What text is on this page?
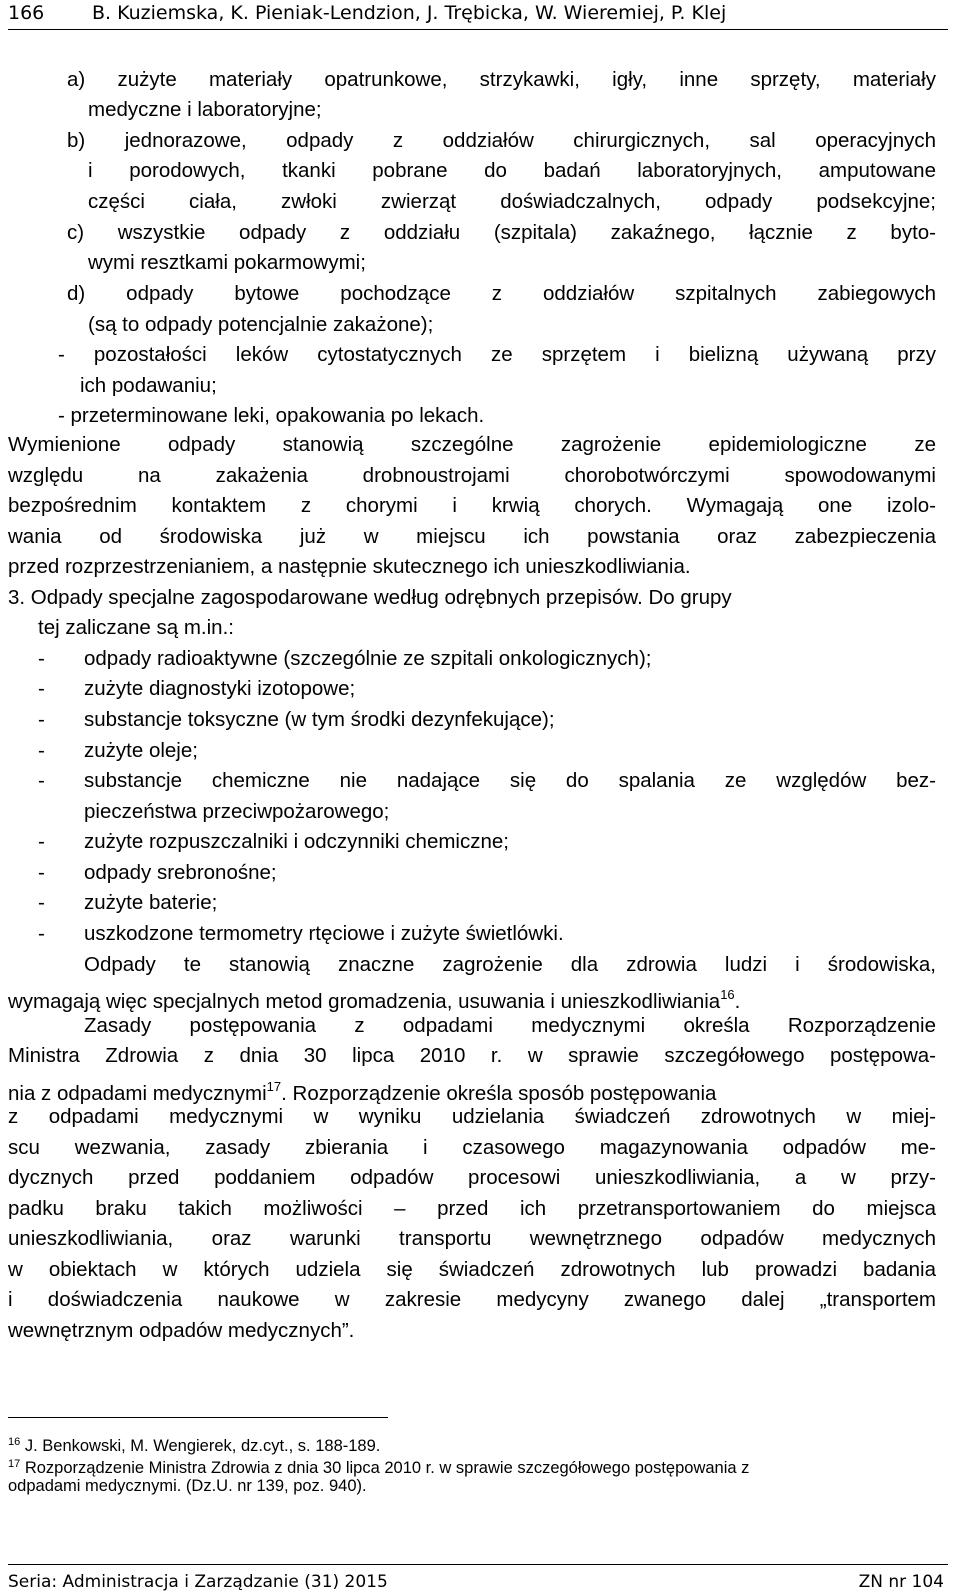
166	B. Kuziemska, K. Pieniak-Lendzion, J. Trębicka, W. Wieremiej, P. Klej

a) zużyte materiały opatrunkowe, strzykawki, igły, inne sprzęty, materiały

medyczne i laboratoryjne;

b) jednorazowe, odpady z oddziałów chirurgicznych, sal operacyjnych

i porodowych, tkanki pobrane do badań laboratoryjnych, amputowane

części ciała, zwłoki zwierząt doświadczalnych, odpady podsekcyjne;

c) wszystkie odpady z oddziału (szpitala) zakaźnego, łącznie z byto-

wymi resztkami pokarmowymi;

d) odpady bytowe pochodzące z oddziałów szpitalnych zabiegowych

(są to odpady potencjalnie zakażone);

- pozostałości leków cytostatycznych ze sprzętem i bielizną używaną przy

ich podawaniu;

- przeterminowane leki, opakowania po lekach.

Wymienione odpady stanowią szczególne zagrożenie epidemiologiczne ze

względu na zakażenia drobnoustrojami chorobotwórczymi spowodowanymi

bezpośrednim kontaktem z chorymi i krwią chorych. Wymagają one izolo-

wania od środowiska już w miejscu ich powstania oraz zabezpieczenia

przed rozprzestrzenianiem, a następnie skutecznego ich unieszkodliwiania.

3. Odpady specjalne zagospodarowane według odrębnych przepisów. Do grupy

tej zaliczane są m.in.:

- odpady radioaktywne (szczególnie ze szpitali onkologicznych);

- zużyte diagnostyki izotopowe;

- substancje toksyczne (w tym środki dezynfekujące);

- zużyte oleje;

- substancje chemiczne nie nadające się do spalania ze względów bez-

pieczeństwa przeciwpożarowego;

- zużyte rozpuszczalniki i odczynniki chemiczne;

- odpady srebronośne;

- zużyte baterie;

- uszkodzone termometry rtęciowe i zużyte świetlówki.

Odpady te stanowią znaczne zagrożenie dla zdrowia ludzi i środowiska,

wymagają więc specjalnych metod gromadzenia, usuwania i unieszkodliwiania$^{16}$.

Zasady postępowania z odpadami medycznymi określa Rozporządzenie

Ministra Zdrowia z dnia 30 lipca 2010 r. w sprawie szczegółowego postępowa-

nia z odpadami medycznymi$^{17}$. Rozporządzenie określa sposób postępowania

z odpadami medycznymi w wyniku udzielania świadczeń zdrowotnych w miej-

scu wezwania, zasady zbierania i czasowego magazynowania odpadów me-

dycznych przed poddaniem odpadów procesowi unieszkodliwiania, a w przy-

padku braku takich możliwości – przed ich przetransportowaniem do miejsca

unieszkodliwiania, oraz warunki transportu wewnętrznego odpadów medycznych

w obiektach w których udziela się świadczeń zdrowotnych lub prowadzi badania

i doświadczenia naukowe w zakresie medycyny zwanego dalej „transportem

wewnętrznym odpadów medycznych”.

$^{16}$ J. Benkowski, M. Wengierek, dz.cyt., s. 188-189.
$^{17}$ Rozporządzenie Ministra Zdrowia z dnia 30 lipca 2010 r. w sprawie szczegółowego postępowania z
odpadami medycznymi. (Dz.U. nr 139, poz. 940).
Seria: Administracja i Zarządzanie (31) 2015	ZN nr 104
